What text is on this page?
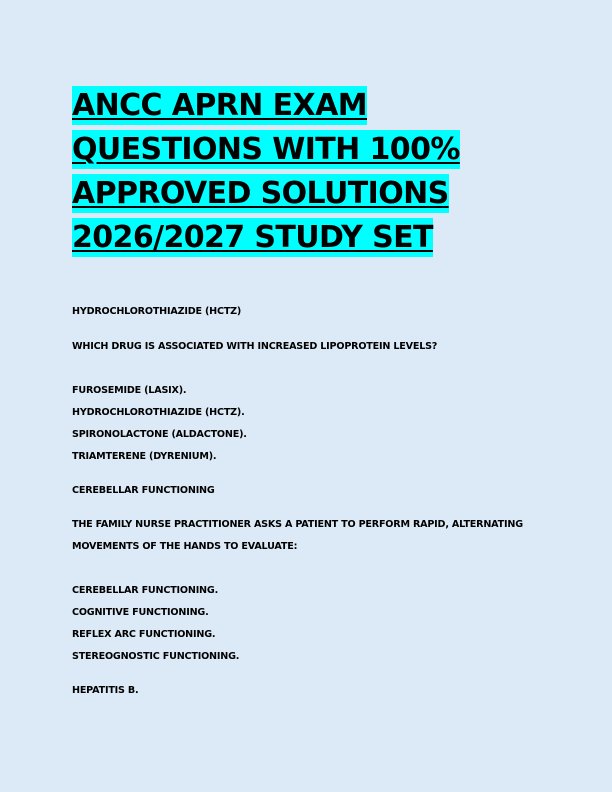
ANCC APRN EXAM QUESTIONS WITH 100% APPROVED SOLUTIONS 2026/2027 STUDY SET

HYDROCHLOROTHIAZIDE (HCTZ)

WHICH DRUG IS ASSOCIATED WITH INCREASED LIPOPROTEIN LEVELS?

FUROSEMIDE (LASIX).

HYDROCHLOROTHIAZIDE (HCTZ).

SPIRONOLACTONE (ALDACTONE).

TRIAMTERENE (DYRENIUM).

CEREBELLAR FUNCTIONING

THE FAMILY NURSE PRACTITIONER ASKS A PATIENT TO PERFORM RAPID, ALTERNATING MOVEMENTS OF THE HANDS TO EVALUATE:

CEREBELLAR FUNCTIONING.

COGNITIVE FUNCTIONING.

REFLEX ARC FUNCTIONING.

STEREOGNOSTIC FUNCTIONING.

HEPATITIS B.
